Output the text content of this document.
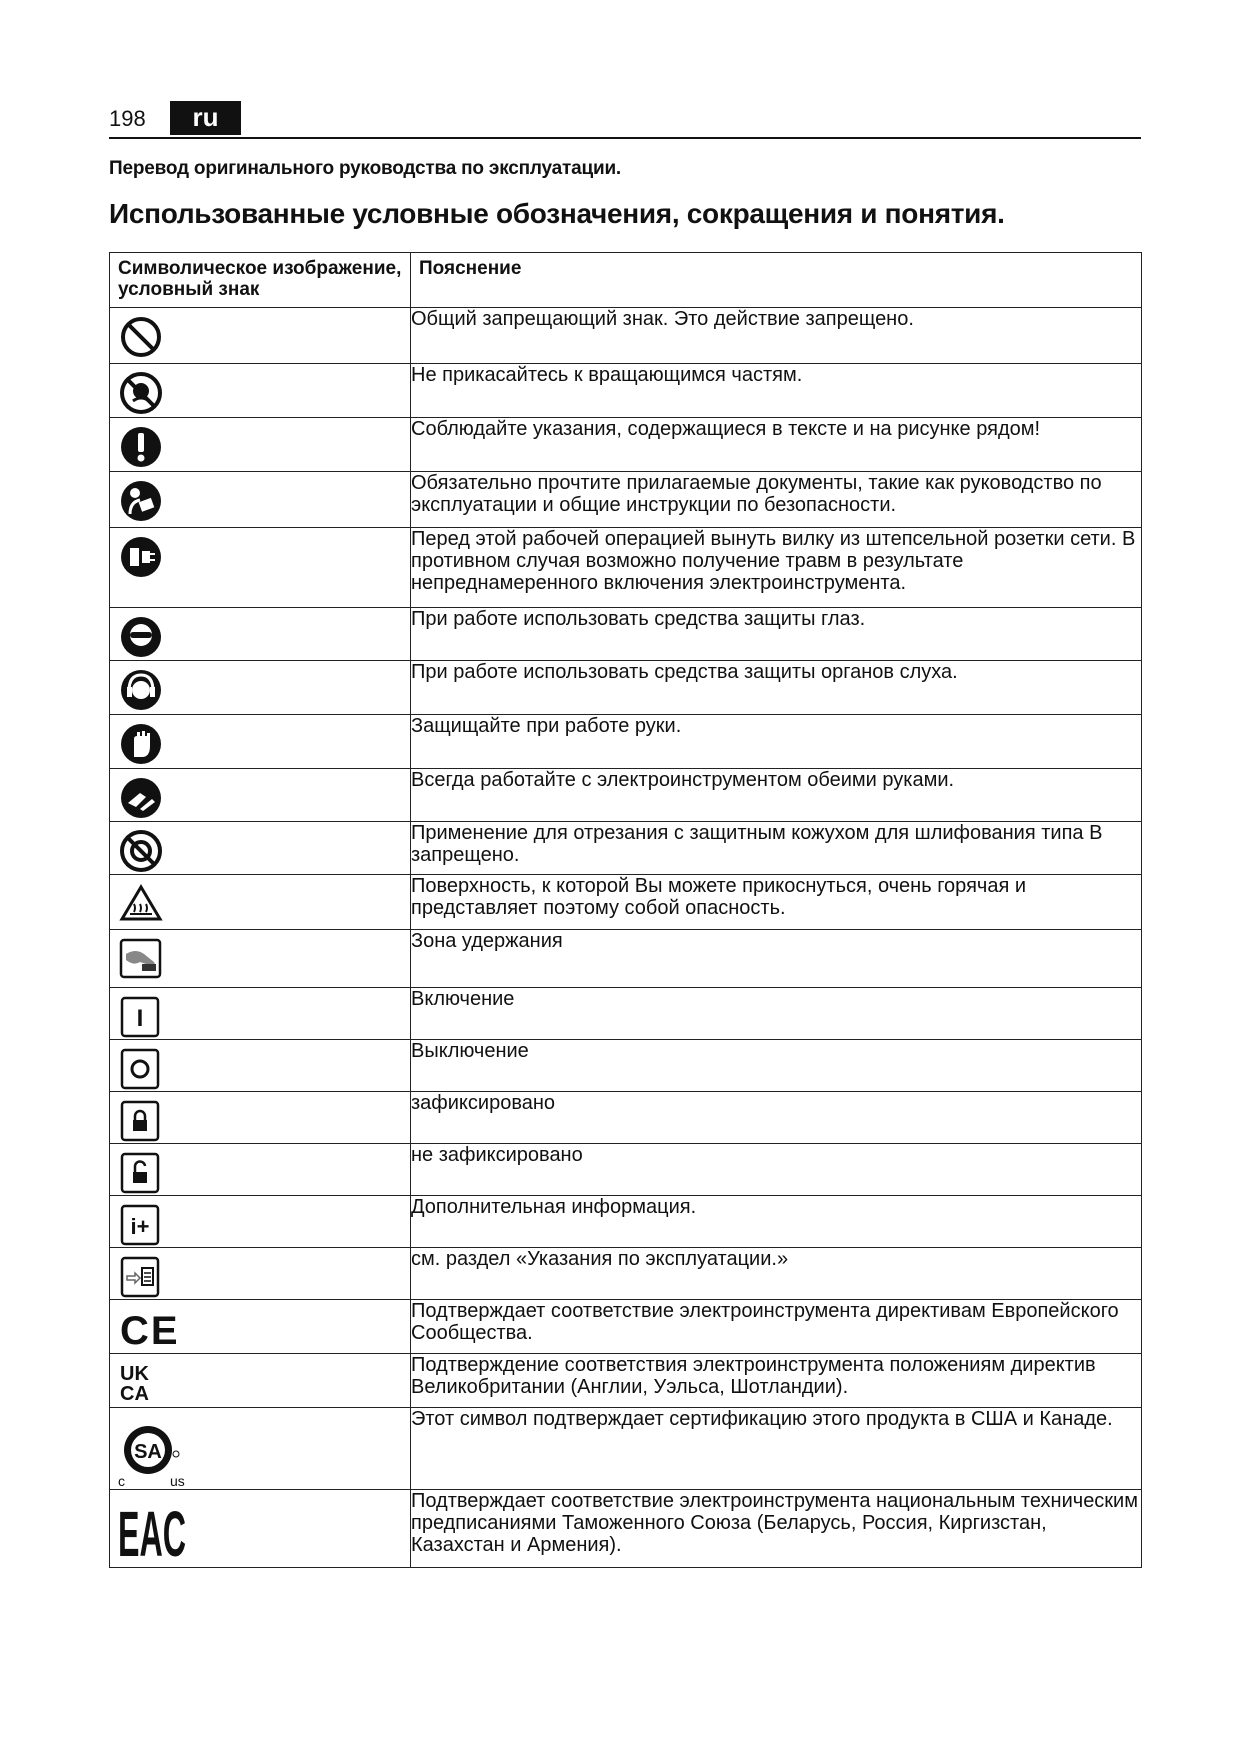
198	ru
Перевод оригинального руководства по эксплуатации.
Использованные условные обозначения, сокращения и понятия.
Символическое изображение, условный знак	Пояснение

	Общий запрещающий знак. Это действие запрещено.

	Не прикасайтесь к вращающимся частям.

	Соблюдайте указания, содержащиеся в тексте и на рисунке рядом!

	Обязательно прочтите прилагаемые документы, такие как руководство по эксплуатации и общие инструкции по безопасности.

	Перед этой рабочей операцией вынуть вилку из штепсельной розетки сети. В противном случая возможно получение травм в результате непреднамеренного включения электроинструмента.

	При работе использовать средства защиты глаз.

	При работе использовать средства защиты органов слуха.

	Защищайте при работе руки.

	Всегда работайте с электроинструментом обеими руками.

	Применение для отрезания с защитным кожухом для шлифования типа B запрещено.

	Поверхность, к которой Вы можете прикоснуться, очень горячая и представляет поэтому собой опасность.

	Зона удержания

I	Включение

	Выключение

	зафиксировано

	не зафиксировано

i+	Дополнительная информация.

	см. раздел «Указания по эксплуатации.»

CE	Подтверждает соответствие электроинструмента директивам Европейского Сообщества.

UK
CA	Подтверждение соответствия электроинструмента положениям директив Великобритании (Англии, Уэльса, Шотландии).

SA
c us	Этот символ подтверждает сертификацию этого продукта в США и Канаде.

EAC	Подтверждает соответствие электроинструмента национальным техническим предписаниями Таможенного Союза (Беларусь, Россия, Киргизстан, Казахстан и Армения).
